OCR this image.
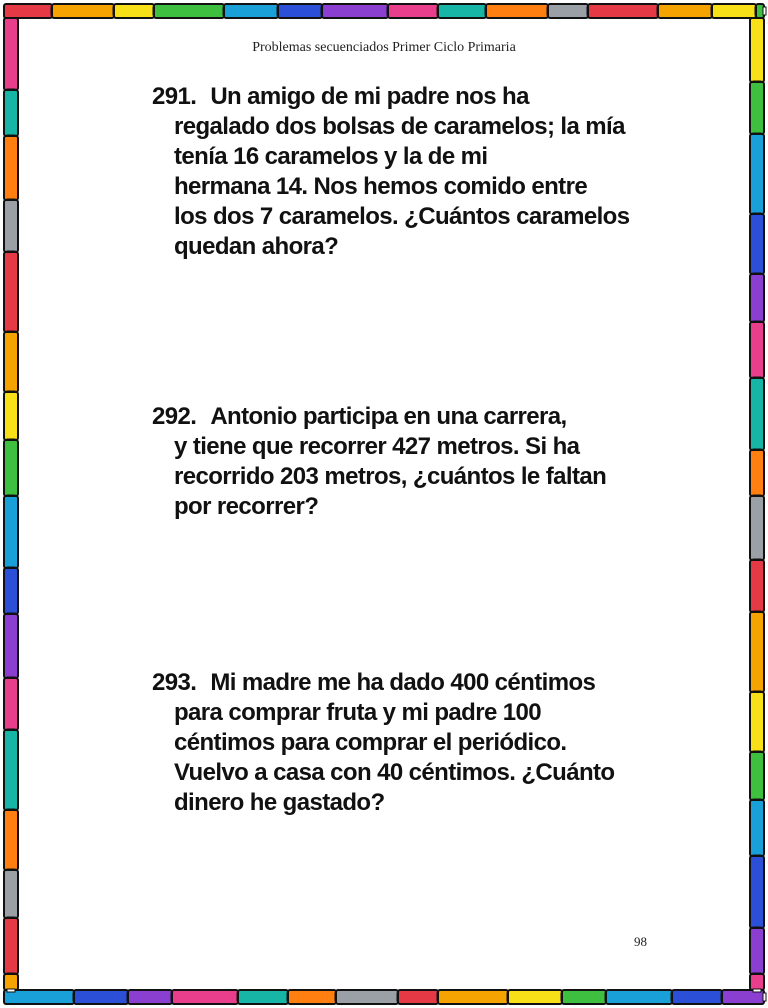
Problemas secuenciados Primer Ciclo Primaria
291. Un amigo de mi padre nos ha
regalado dos bolsas de caramelos; la mía
tenía 16 caramelos y la de mi
hermana 14. Nos hemos comido entre
los dos 7 caramelos. ¿Cuántos caramelos
quedan ahora?
292. Antonio participa en una carrera,
y tiene que recorrer 427 metros. Si ha
recorrido 203 metros, ¿cuántos le faltan
por recorrer?
293. Mi madre me ha dado 400 céntimos
para comprar fruta y mi padre 100
céntimos para comprar el periódico.
Vuelvo a casa con 40 céntimos. ¿Cuánto
dinero he gastado?
98
